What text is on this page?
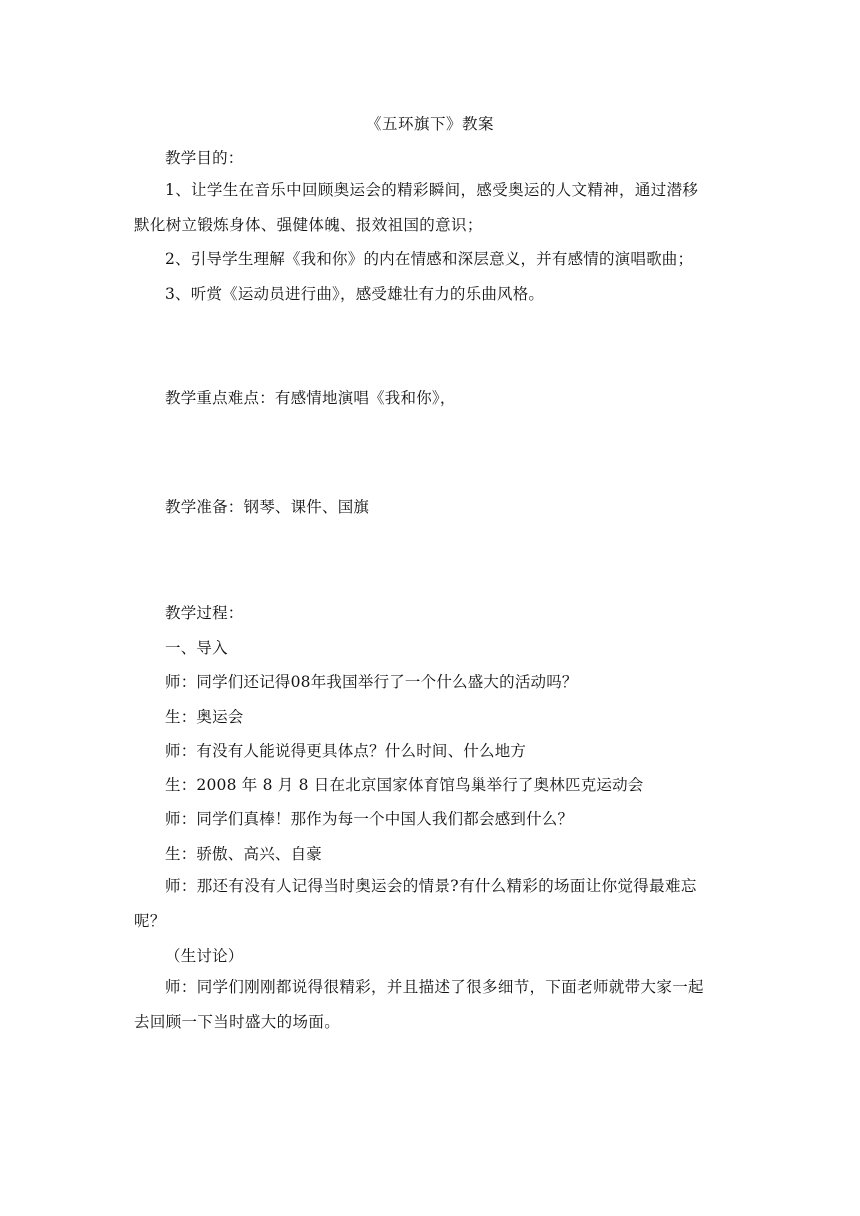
《五环旗下》教案
教学目的：
1、让学生在音乐中回顾奥运会的精彩瞬间，感受奥运的人文精神，通过潜移默化树立锻炼身体、强健体魄、报效祖国的意识；
2、引导学生理解《我和你》的内在情感和深层意义，并有感情的演唱歌曲；
3、听赏《运动员进行曲》，感受雄壮有力的乐曲风格。
教学重点难点：有感情地演唱《我和你》，
教学准备：钢琴、课件、国旗
教学过程：
一、导入
师：同学们还记得08年我国举行了一个什么盛大的活动吗？
生：奥运会
师：有没有人能说得更具体点？什么时间、什么地方
生：2008 年 8 月 8 日在北京国家体育馆鸟巢举行了奥林匹克运动会
师：同学们真棒！那作为每一个中国人我们都会感到什么？
生：骄傲、高兴、自豪
师：那还有没有人记得当时奥运会的情景?有什么精彩的场面让你觉得最难忘呢？
（生讨论）
师：同学们刚刚都说得很精彩，并且描述了很多细节，下面老师就带大家一起去回顾一下当时盛大的场面。
